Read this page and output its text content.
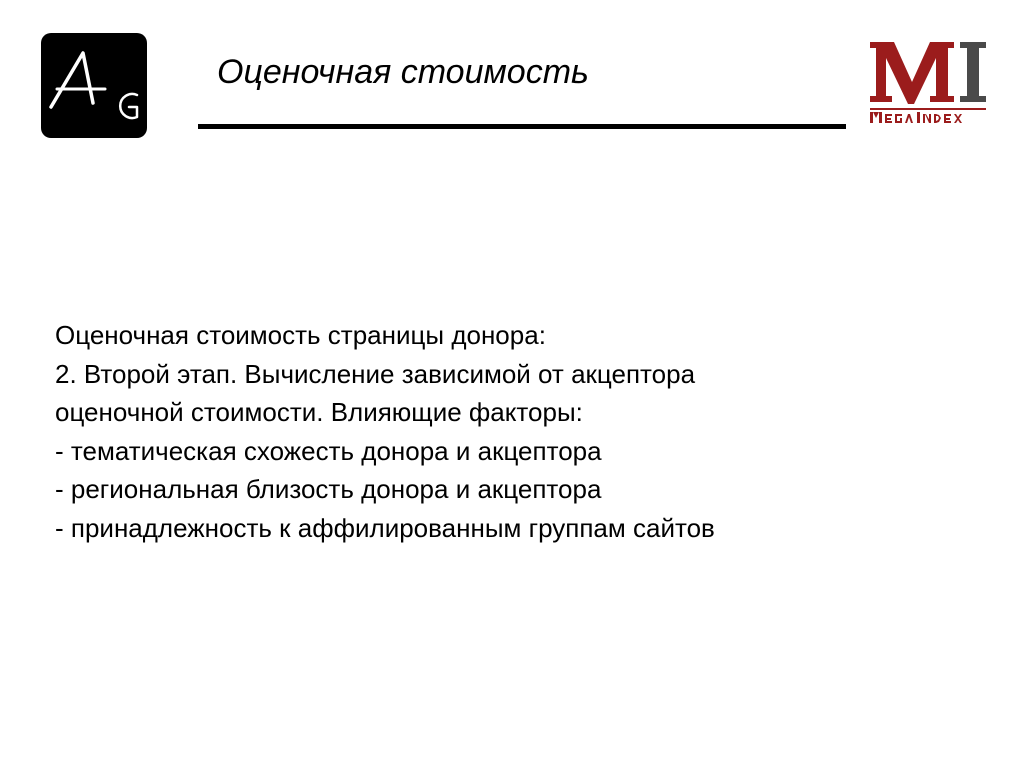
Оценочная стоимость
Оценочная стоимость страницы донора:
2. Второй этап. Вычисление зависимой от акцептора
оценочной стоимости. Влияющие факторы:
- тематическая схожесть донора и акцептора
- региональная близость донора и акцептора
- принадлежность к аффилированным группам сайтов
